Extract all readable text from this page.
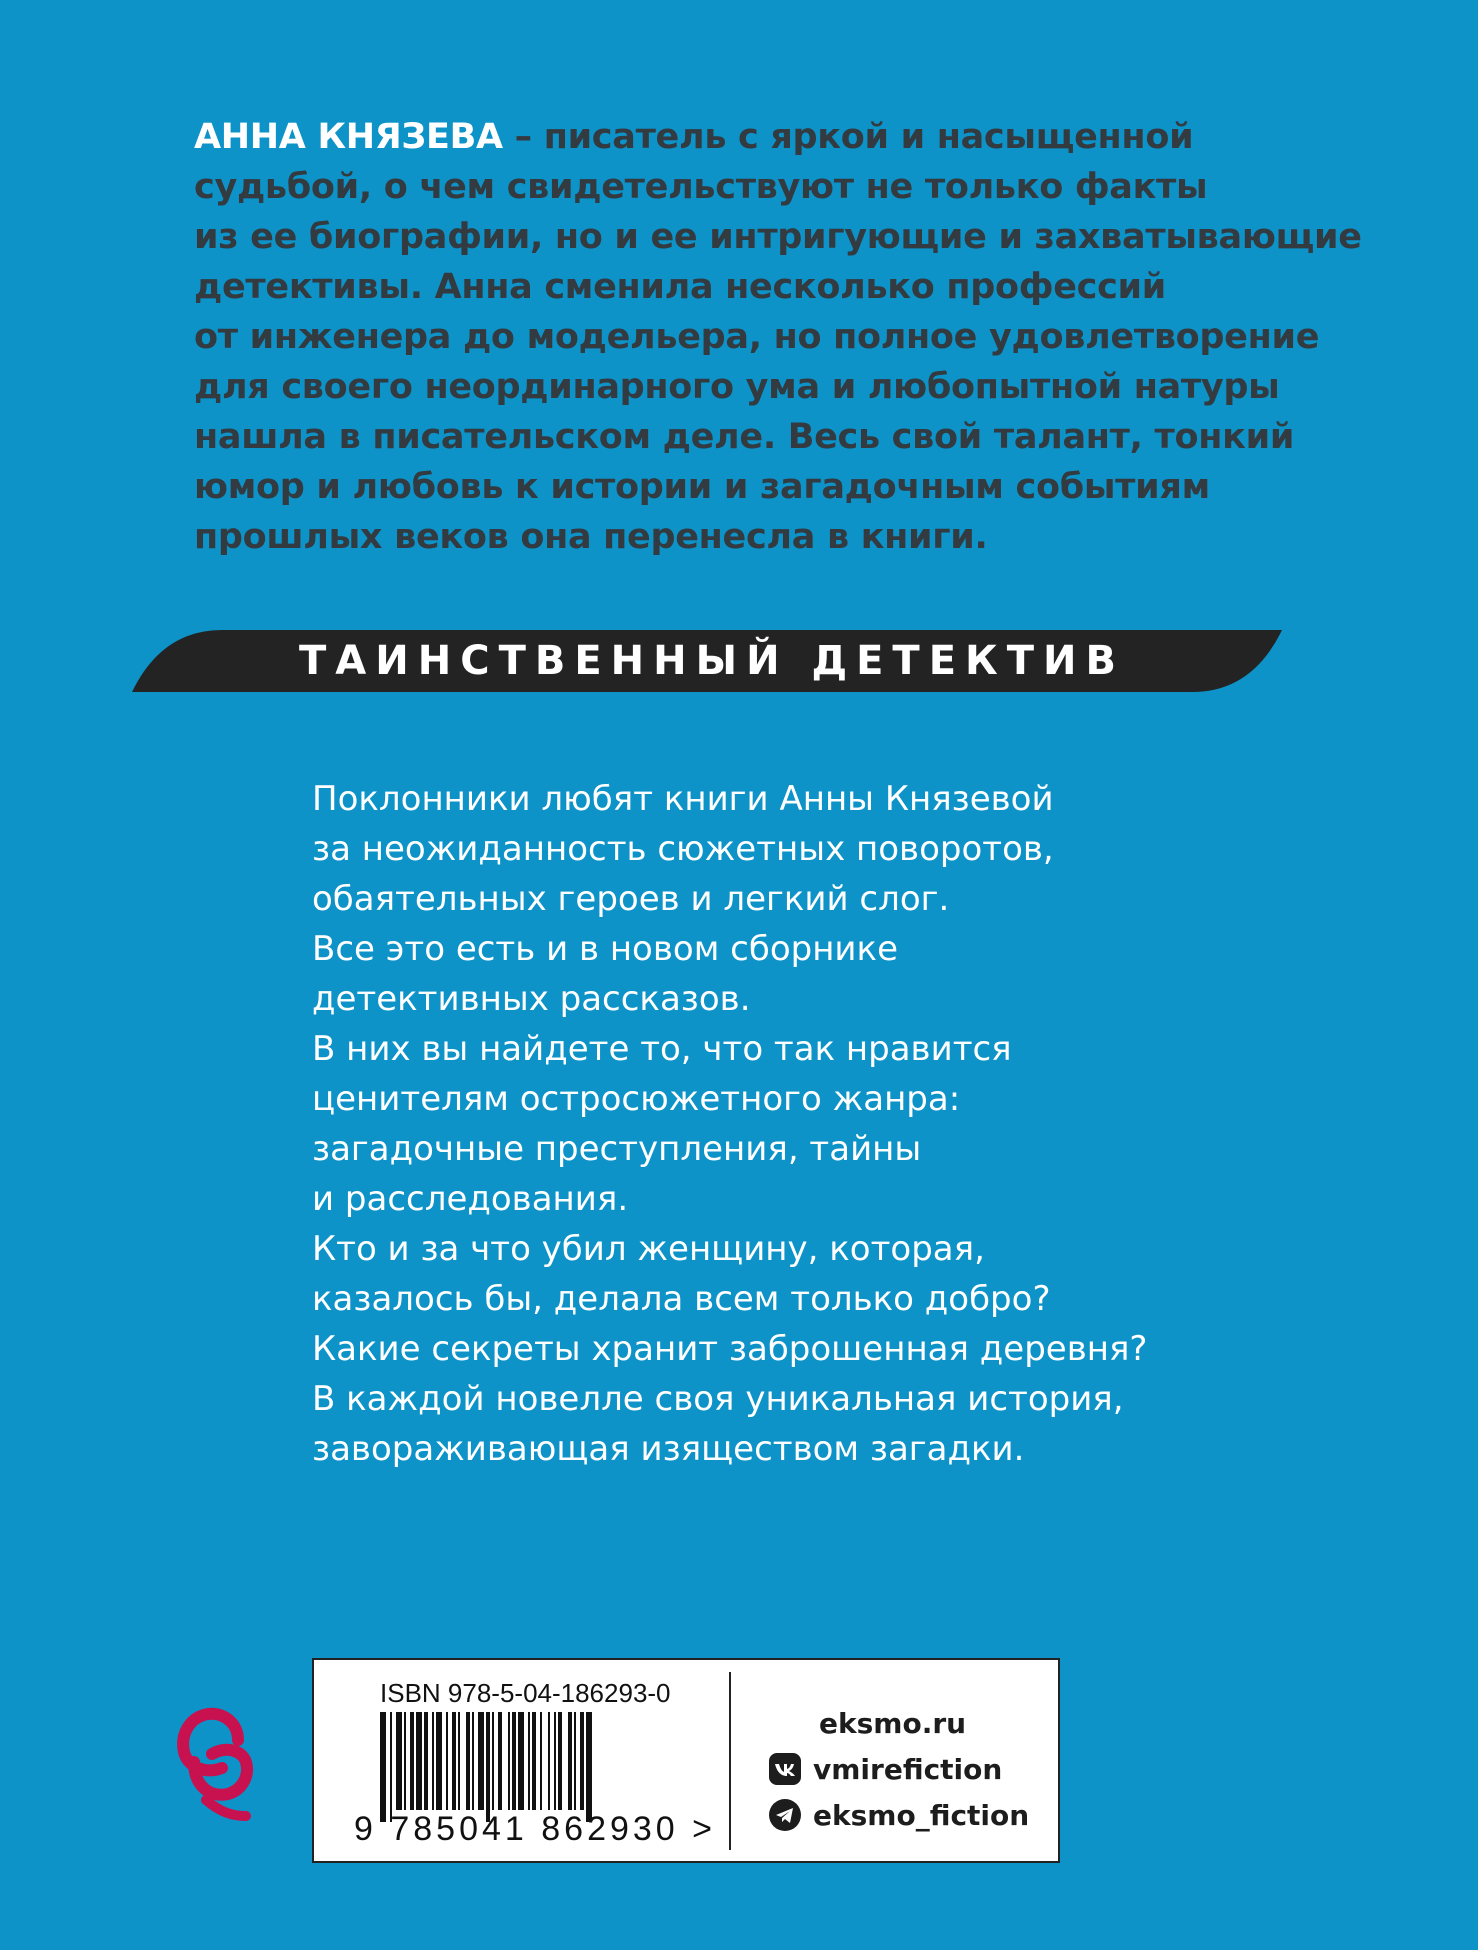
АННА КНЯЗЕВА – писатель с яркой и насыщенной
судьбой, о чем свидетельствуют не только факты
из ее биографии, но и ее интригующие и захватывающие
детективы. Анна сменила несколько профессий
от инженера до модельера, но полное удовлетворение
для своего неординарного ума и любопытной натуры
нашла в писательском деле. Весь свой талант, тонкий
юмор и любовь к истории и загадочным событиям
прошлых веков она перенесла в книги.
ТАИНСТВЕННЫЙ ДЕТЕКТИВ
Поклонники любят книги Анны Князевой
за неожиданность сюжетных поворотов,
обаятельных героев и легкий слог.
Все это есть и в новом сборнике
детективных рассказов.
В них вы найдете то, что так нравится
ценителям остросюжетного жанра:
загадочные преступления, тайны
и расследования.
Кто и за что убил женщину, которая,
казалось бы, делала всем только добро?
Какие секреты хранит заброшенная деревня?
В каждой новелле своя уникальная история,
завораживающая изяществом загадки.
ISBN 978-5-04-186293-0
9 785041 862930 >
eksmo.ru
vmirefiction
eksmo_fiction
